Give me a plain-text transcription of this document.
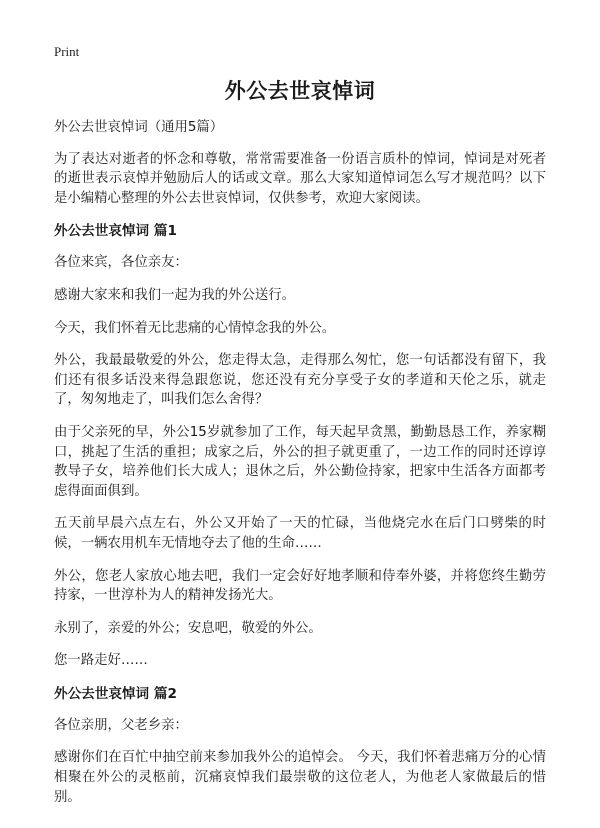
Print
外公去世哀悼词

外公去世哀悼词（通用5篇）

为了表达对逝者的怀念和尊敬，常常需要准备一份语言质朴的悼词，悼词是对死者的逝世表示哀悼并勉励后人的话或文章。那么大家知道悼词怎么写才规范吗？以下是小编精心整理的外公去世哀悼词，仅供参考，欢迎大家阅读。

外公去世哀悼词 篇1

各位来宾，各位亲友：

感谢大家来和我们一起为我的外公送行。

今天，我们怀着无比悲痛的心情悼念我的外公。

外公，我最最敬爱的外公，您走得太急，走得那么匆忙，您一句话都没有留下，我们还有很多话没来得急跟您说，您还没有充分享受子女的孝道和天伦之乐，就走了，匆匆地走了，叫我们怎么舍得？

由于父亲死的早，外公15岁就参加了工作，每天起早贪黑，勤勤恳恳工作，养家糊口，挑起了生活的重担；成家之后，外公的担子就更重了，一边工作的同时还谆谆教导子女，培养他们长大成人；退休之后，外公勤俭持家，把家中生活各方面都考虑得面面俱到。

五天前早晨六点左右，外公又开始了一天的忙碌，当他烧完水在后门口劈柴的时候，一辆农用机车无情地夺去了他的生命……

外公，您老人家放心地去吧，我们一定会好好地孝顺和侍奉外婆，并将您终生勤劳持家，一世淳朴为人的精神发扬光大。

永别了，亲爱的外公；安息吧，敬爱的外公。

您一路走好……

外公去世哀悼词 篇2

各位亲朋，父老乡亲：

感谢你们在百忙中抽空前来参加我外公的追悼会。 今天，我们怀着悲痛万分的心情相聚在外公的灵柩前，沉痛哀悼我们最崇敬的这位老人，为他老人家做最后的惜别。
